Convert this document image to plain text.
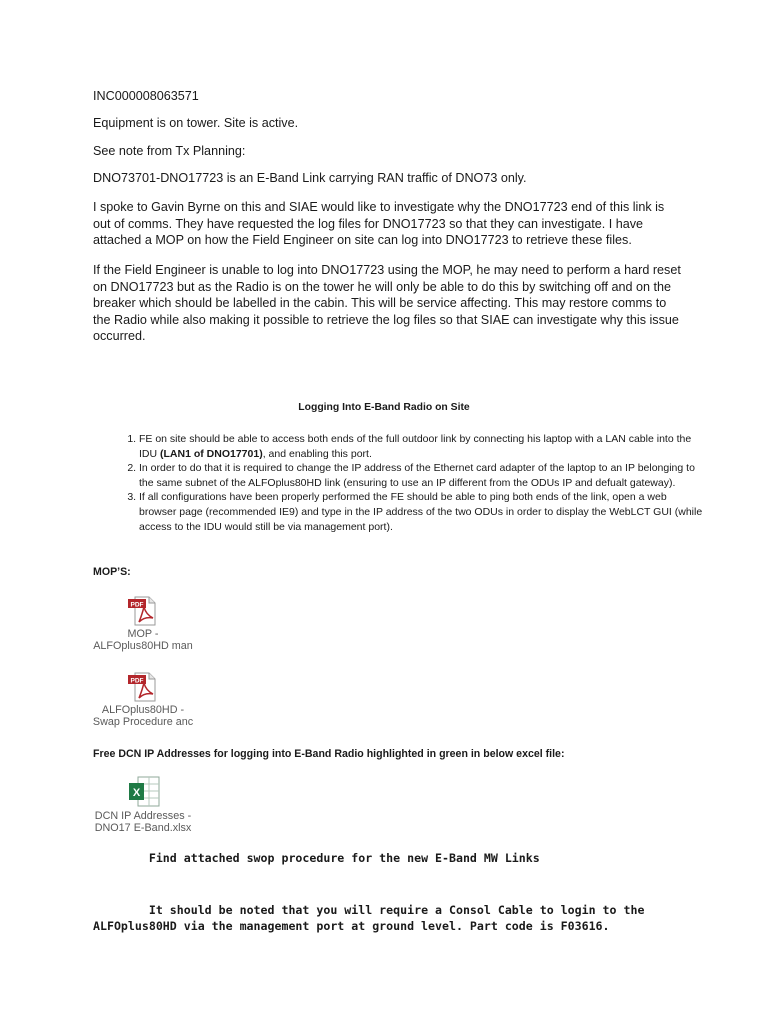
INC000008063571

Equipment is on tower. Site is active.

See note from Tx Planning:

DNO73701-DNO17723 is an E-Band Link carrying RAN traffic of DNO73 only.

I spoke to Gavin Byrne on this and SIAE would like to investigate why the DNO17723 end of this link is out of comms. They have requested the log files for DNO17723 so that they can investigate. I have attached a MOP on how the Field Engineer on site can log into DNO17723 to retrieve these files.

If the Field Engineer is unable to log into DNO17723 using the MOP, he may need to perform a hard reset on DNO17723 but as the Radio is on the tower he will only be able to do this by switching off and on the breaker which should be labelled in the cabin. This will be service affecting. This may restore comms to the Radio while also making it possible to retrieve the log files so that SIAE can investigate why this issue occurred.

Logging Into E-Band Radio on Site

1. FE on site should be able to access both ends of the full outdoor link by connecting his laptop with a LAN cable into the IDU (LAN1 of DNO17701), and enabling this port.
2. In order to do that it is required to change the IP address of the Ethernet card adapter of the laptop to an IP belonging to the same subnet of the ALFOplus80HD link (ensuring to use an IP different from the ODUs IP and defualt gateway).
3. If all configurations have been properly performed the FE should be able to ping both ends of the link, open a web browser page (recommended IE9) and type in the IP address of the two ODUs in order to display the WebLCT GUI (while access to the IDU would still be via management port).

MOP’S:

PDF
MOP -
ALFOplus80HD man
PDF
ALFOplus80HD -
Swap Procedure anc

Free DCN IP Addresses for logging into E-Band Radio highlighted in green in below excel file:

X
DCN IP Addresses -
DNO17 E-Band.xlsx

Find attached swop procedure for the new E-Band MW Links

It should be noted that you will require a Consol Cable to login to the ALFOplus80HD via the management port at ground level. Part code is F03616.
